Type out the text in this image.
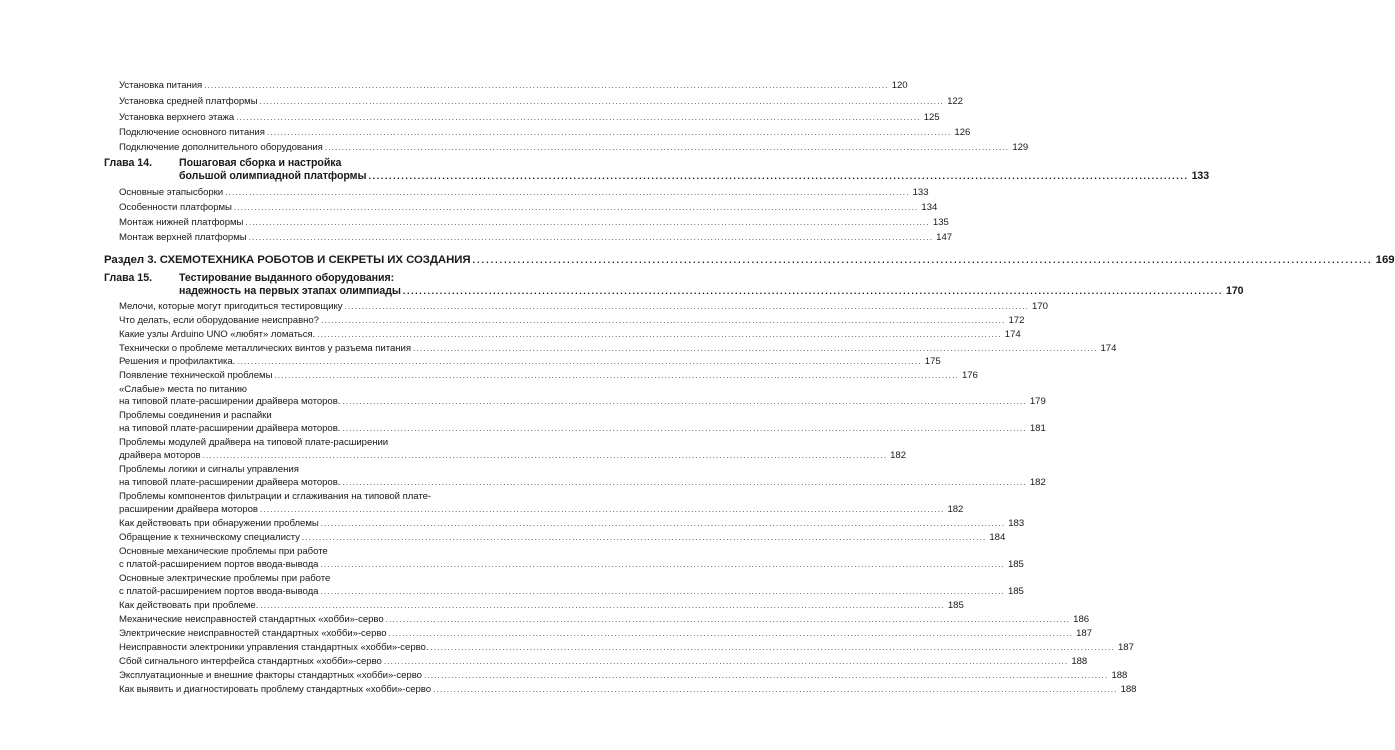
Установка питания ........................................................................................................................................................................................................ 120
Установка средней платформы ........................................................................................................................................................................................................ 122
Установка верхнего этажа ........................................................................................................................................................................................................ 125
Подключение основного питания ........................................................................................................................................................................................................ 126
Подключение дополнительного оборудования ........................................................................................................................................................................................................ 129
Глава 14.	Пошаговая сборка и настройка
большой олимпиадной платформы ........................................................................................................................................................................................................ 133
Основные этапысборки ........................................................................................................................................................................................................ 133
Особенности платформы ........................................................................................................................................................................................................ 134
Монтаж нижней платформы ........................................................................................................................................................................................................ 135
Монтаж верхней платформы ........................................................................................................................................................................................................ 147
Раздел 3. СХЕМОТЕХНИКА РОБОТОВ И СЕКРЕТЫ ИХ СОЗДАНИЯ ........................................................................................................................................................................................................ 169
Глава 15.	Тестирование выданного оборудования:
надежность на первых этапах олимпиады ........................................................................................................................................................................................................ 170
Мелочи, которые могут пригодиться тестировщику ........................................................................................................................................................................................................ 170
Что делать, если оборудование неисправно? ........................................................................................................................................................................................................ 172
Какие узлы Arduino UNO «любят» ломаться. ........................................................................................................................................................................................................ 174
Технически о проблеме металлических винтов у разъема питания ........................................................................................................................................................................................................ 174
Решения и профилактика. ........................................................................................................................................................................................................ 175
Появление технической проблемы ........................................................................................................................................................................................................ 176
«Слабые» места по питанию
на типовой плате-расширении драйвера моторов. ........................................................................................................................................................................................................ 179
Проблемы соединения и распайки
на типовой плате-расширении драйвера моторов. ........................................................................................................................................................................................................ 181
Проблемы модулей драйвера на типовой плате-расширении
драйвера моторов ........................................................................................................................................................................................................ 182
Проблемы логики и сигналы управления
на типовой плате-расширении драйвера моторов. ........................................................................................................................................................................................................ 182
Проблемы компонентов фильтрации и сглаживания на типовой плате-
расширении драйвера моторов ........................................................................................................................................................................................................ 182
Как действовать при обнаружении проблемы ........................................................................................................................................................................................................ 183
Обращение к техническому специалисту ........................................................................................................................................................................................................ 184
Основные механические проблемы при работе
с платой-расширением портов ввода-вывода ........................................................................................................................................................................................................ 185
Основные электрические проблемы при работе
с платой-расширением портов ввода-вывода ........................................................................................................................................................................................................ 185
Как действовать при проблеме. ........................................................................................................................................................................................................ 185
Механические неисправностей стандартных «хобби»-серво ........................................................................................................................................................................................................ 186
Электрические неисправностей стандартных «хобби»-серво ........................................................................................................................................................................................................ 187
Неисправности электроники управления стандартных «хобби»-серво. ........................................................................................................................................................................................................ 187
Сбой сигнального интерфейса стандартных «хобби»-серво ........................................................................................................................................................................................................ 188
Эксплуатационные и внешние факторы стандартных «хобби»-серво ........................................................................................................................................................................................................ 188
Как выявить и диагностировать проблему стандартных «хобби»-серво ........................................................................................................................................................................................................ 188
